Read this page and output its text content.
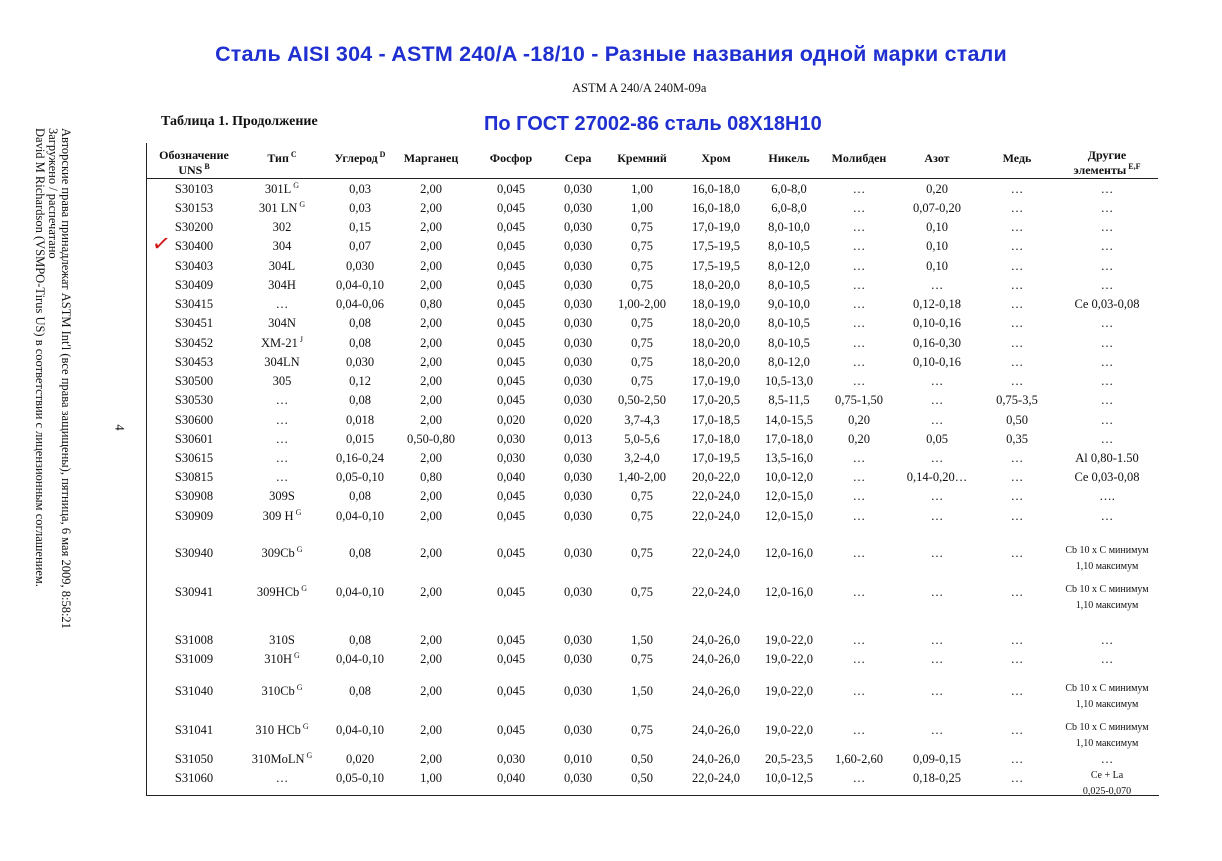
Сталь AISI 304 - ASTM 240/A -18/10 - Разные названия одной марки стали
ASTM A 240/A 240M-09a
Таблица 1. Продолжение	По ГОСТ 27002-86 сталь 08Х18Н10
Авторские права принадлежат ASTM Int'l (все права защищены), пятница, 6 мая 2009, 8:58:21
Загружено / распечатано
David M Richardson (VSMPO-Tirus US) в соответствии с лицензионным соглашением.	4
✓
Обозначение
UNS $^B$
Тип $^C$	Углерод $^D$	Марганец	Фосфор	Сера	Кремний	Хром	Никель	Молибден	Азот	Медь	Другие
элементы $^{E,F}$
S30103	301L $^G$	0,03	2,00	0,045	0,030	1,00	16,0-18,0	6,0-8,0	…	0,20	…	…
S30153	301 LN $^G$	0,03	2,00	0,045	0,030	1,00	16,0-18,0	6,0-8,0	…	0,07-0,20	…	…
S30200	302	0,15	2,00	0,045	0,030	0,75	17,0-19,0	8,0-10,0	…	0,10	…	…
S30400	304	0,07	2,00	0,045	0,030	0,75	17,5-19,5	8,0-10,5	…	0,10	…	…
S30403	304L	0,030	2,00	0,045	0,030	0,75	17,5-19,5	8,0-12,0	…	0,10	…	…
S30409	304H	0,04-0,10	2,00	0,045	0,030	0,75	18,0-20,0	8,0-10,5	…	…	…	…
S30415	…	0,04-0,06	0,80	0,045	0,030	1,00-2,00	18,0-19,0	9,0-10,0	…	0,12-0,18	…	Ce 0,03-0,08
S30451	304N	0,08	2,00	0,045	0,030	0,75	18,0-20,0	8,0-10,5	…	0,10-0,16	…	…
S30452	XM-21 $^J$	0,08	2,00	0,045	0,030	0,75	18,0-20,0	8,0-10,5	…	0,16-0,30	…	…
S30453	304LN	0,030	2,00	0,045	0,030	0,75	18,0-20,0	8,0-12,0	…	0,10-0,16	…	…
S30500	305	0,12	2,00	0,045	0,030	0,75	17,0-19,0	10,5-13,0	…	…	…	…
S30530	…	0,08	2,00	0,045	0,030	0,50-2,50	17,0-20,5	8,5-11,5	0,75-1,50	…	0,75-3,5	…
S30600	…	0,018	2,00	0,020	0,020	3,7-4,3	17,0-18,5	14,0-15,5	0,20	…	0,50	…
S30601	…	0,015	0,50-0,80	0,030	0,013	5,0-5,6	17,0-18,0	17,0-18,0	0,20	0,05	0,35	…
S30615	…	0,16-0,24	2,00	0,030	0,030	3,2-4,0	17,0-19,5	13,5-16,0	…	…	…	Al 0,80-1.50
S30815	…	0,05-0,10	0,80	0,040	0,030	1,40-2,00	20,0-22,0	10,0-12,0	…	0,14-0,20…	…	Ce 0,03-0,08
S30908	309S	0,08	2,00	0,045	0,030	0,75	22,0-24,0	12,0-15,0	…	…	…	….
S30909	309 H $^G$	0,04-0,10	2,00	0,045	0,030	0,75	22,0-24,0	12,0-15,0	…	…	…	…
S30940	309Cb $^G$	0,08	2,00	0,045	0,030	0,75	22,0-24,0	12,0-16,0	…	…	…	Cb 10 x C минимум
1,10 максимум
S30941	309HCb $^G$	0,04-0,10	2,00	0,045	0,030	0,75	22,0-24,0	12,0-16,0	…	…	…	Cb 10 x C минимум
1,10 максимум
S31008	310S	0,08	2,00	0,045	0,030	1,50	24,0-26,0	19,0-22,0	…	…	…	…
S31009	310H $^G$	0,04-0,10	2,00	0,045	0,030	0,75	24,0-26,0	19,0-22,0	…	…	…	…
S31040	310Cb $^G$	0,08	2,00	0,045	0,030	1,50	24,0-26,0	19,0-22,0	…	…	…	Cb 10 x C минимум
1,10 максимум
S31041	310 HCb $^G$	0,04-0,10	2,00	0,045	0,030	0,75	24,0-26,0	19,0-22,0	…	…	…	Cb 10 x C минимум
1,10 максимум
S31050	310MoLN $^G$	0,020	2,00	0,030	0,010	0,50	24,0-26,0	20,5-23,5	1,60-2,60	0,09-0,15	…	…
S31060	…	0,05-0,10	1,00	0,040	0,030	0,50	22,0-24,0	10,0-12,5	…	0,18-0,25	…	Ce + La
0,025-0,070
